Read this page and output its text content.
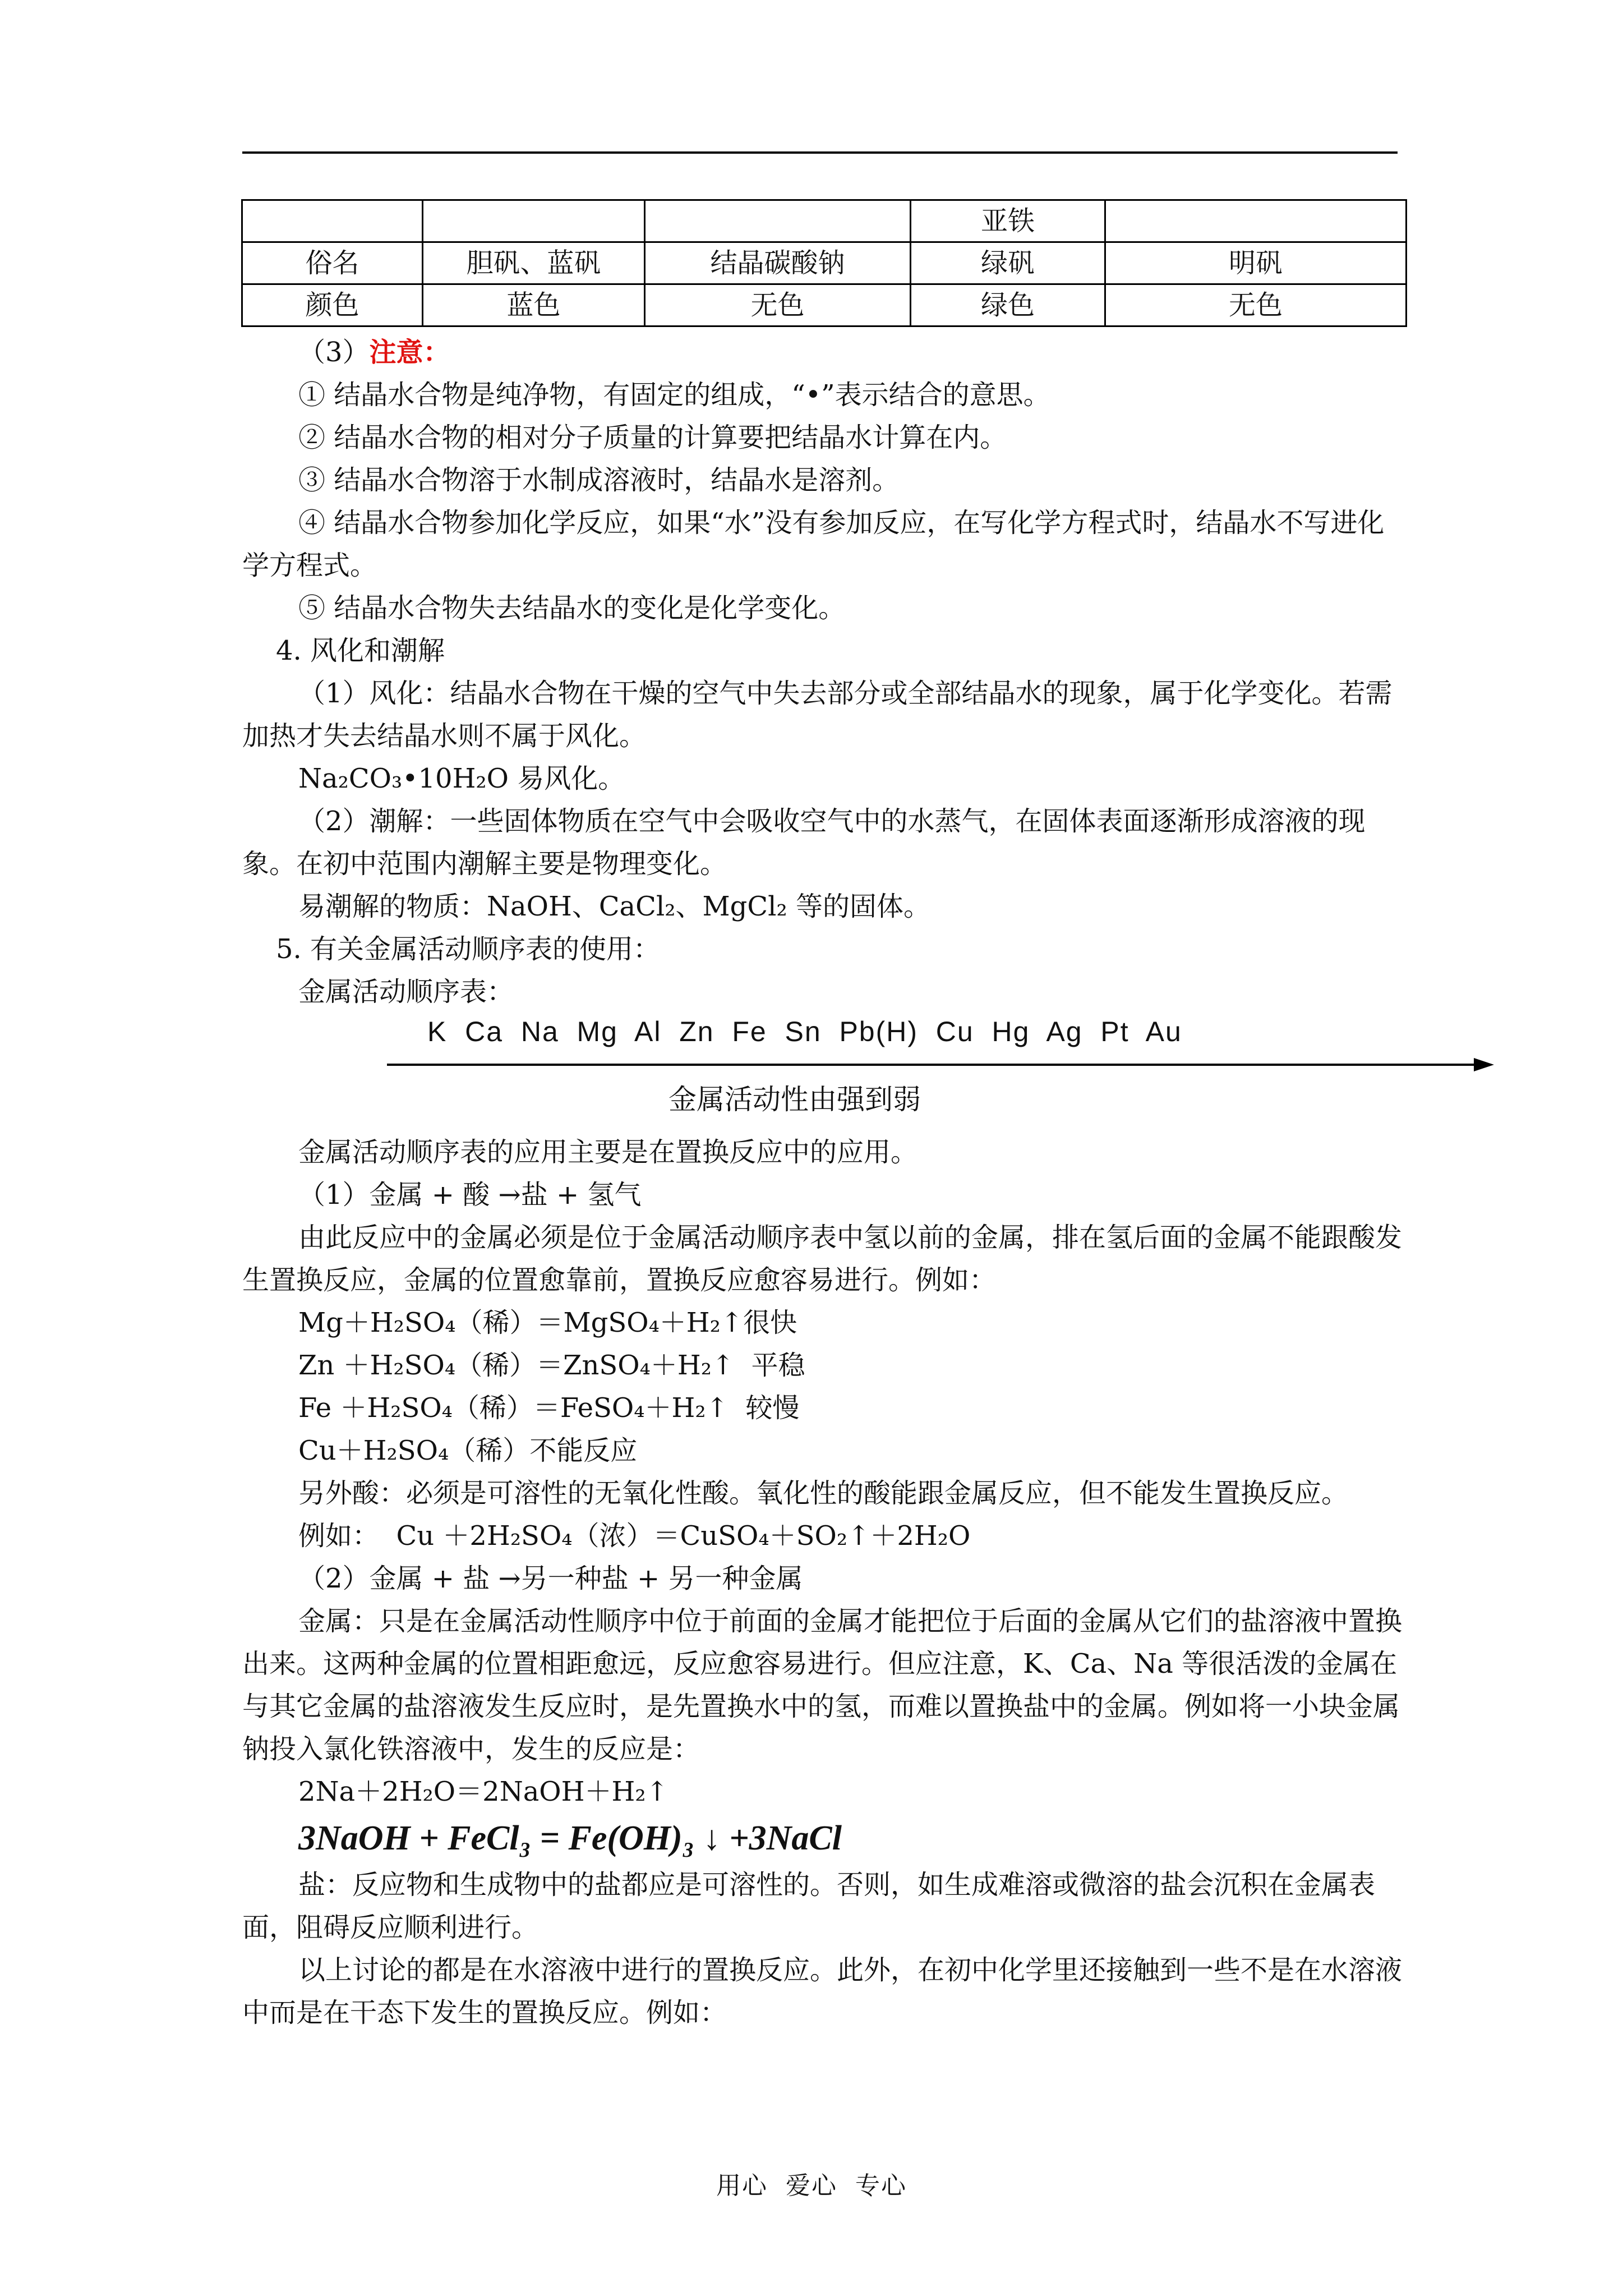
			亚铁	
俗名	胆矾、蓝矾	结晶碳酸钠	绿矾	明矾
颜色	蓝色	无色	绿色	无色

（3）注意：

① 结晶水合物是纯净物，有固定的组成，“•”表示结合的意思。

② 结晶水合物的相对分子质量的计算要把结晶水计算在内。

③ 结晶水合物溶于水制成溶液时，结晶水是溶剂。

④ 结晶水合物参加化学反应，如果“水”没有参加反应，在写化学方程式时，结晶水不写进化学方程式。

⑤ 结晶水合物失去结晶水的变化是化学变化。

4. 风化和潮解

（1）风化：结晶水合物在干燥的空气中失去部分或全部结晶水的现象，属于化学变化。若需加热才失去结晶水则不属于风化。

Na₂CO₃•10H₂O 易风化。

（2）潮解：一些固体物质在空气中会吸收空气中的水蒸气，在固体表面逐渐形成溶液的现象。在初中范围内潮解主要是物理变化。

易潮解的物质：NaOH、CaCl₂、MgCl₂ 等的固体。

5. 有关金属活动顺序表的使用：

金属活动顺序表：

K  Ca  Na  Mg  Al  Zn  Fe  Sn  Pb(H)  Cu  Hg  Ag  Pt  Au
金属活动性由强到弱

金属活动顺序表的应用主要是在置换反应中的应用。

（1）金属 + 酸 →盐 + 氢气

由此反应中的金属必须是位于金属活动顺序表中氢以前的金属，排在氢后面的金属不能跟酸发生置换反应，金属的位置愈靠前，置换反应愈容易进行。例如：

Mg＋H₂SO₄（稀）＝MgSO₄＋H₂↑很快

Zn ＋H₂SO₄（稀）＝ZnSO₄＋H₂↑  平稳

Fe ＋H₂SO₄（稀）＝FeSO₄＋H₂↑  较慢

Cu＋H₂SO₄（稀）不能反应

另外酸：必须是可溶性的无氧化性酸。氧化性的酸能跟金属反应，但不能发生置换反应。

例如：  Cu ＋2H₂SO₄（浓）＝CuSO₄＋SO₂↑＋2H₂O

（2）金属 + 盐 →另一种盐 + 另一种金属

金属：只是在金属活动性顺序中位于前面的金属才能把位于后面的金属从它们的盐溶液中置换出来。这两种金属的位置相距愈远，反应愈容易进行。但应注意，K、Ca、Na 等很活泼的金属在与其它金属的盐溶液发生反应时，是先置换水中的氢，而难以置换盐中的金属。例如将一小块金属钠投入氯化铁溶液中，发生的反应是：

2Na＋2H₂O＝2NaOH＋H₂↑

3NaOH + FeCl₃ = Fe(OH)₃ ↓ +3NaCl

盐：反应物和生成物中的盐都应是可溶性的。否则，如生成难溶或微溶的盐会沉积在金属表面，阻碍反应顺利进行。

以上讨论的都是在水溶液中进行的置换反应。此外，在初中化学里还接触到一些不是在水溶液中而是在干态下发生的置换反应。例如：

用心  爱心  专心
